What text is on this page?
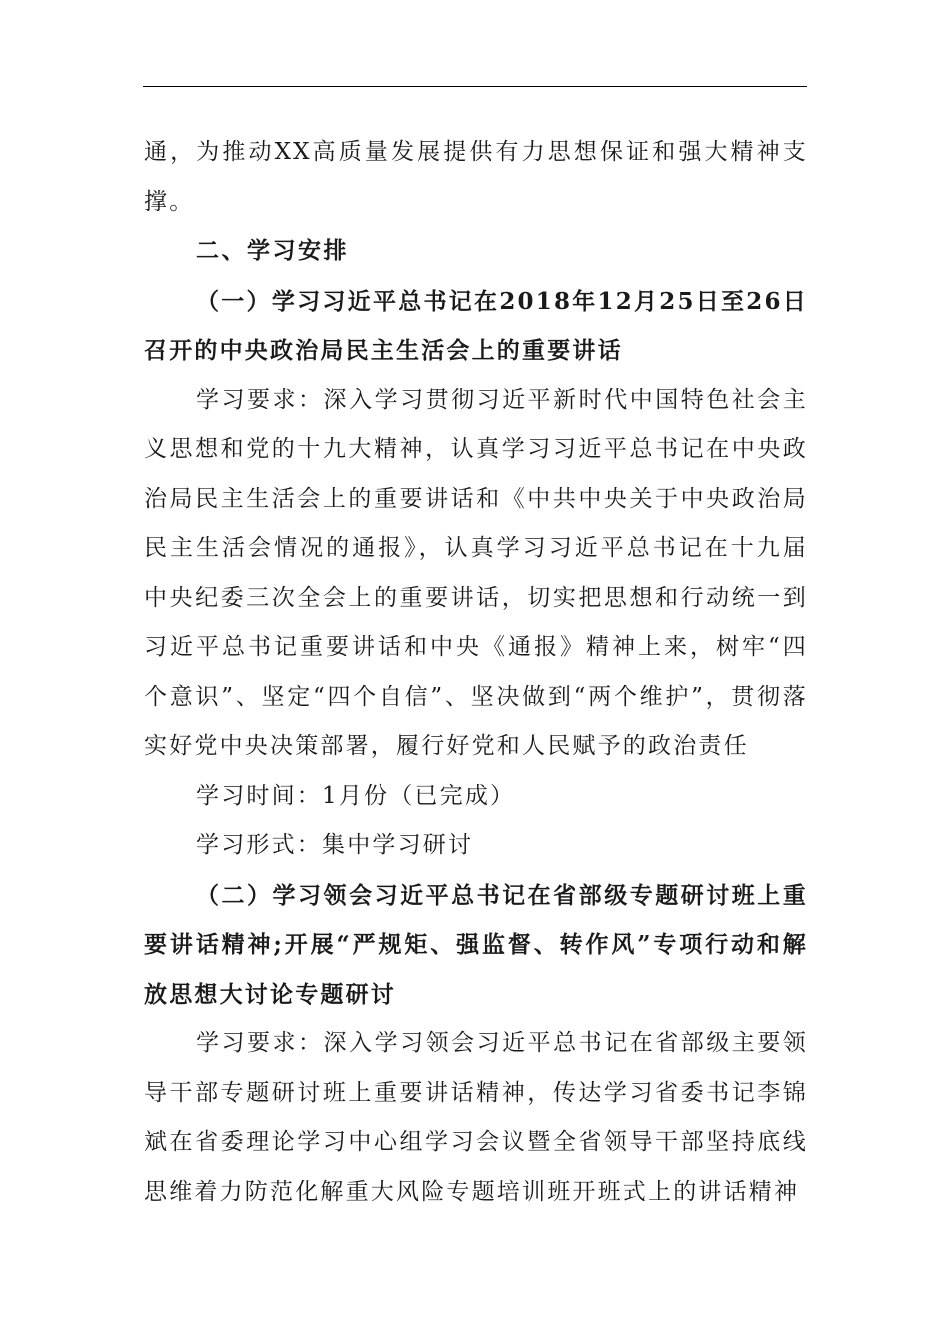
通，为推动XX高质量发展提供有力思想保证和强大精神支撑。

二、学习安排

（一）学习习近平总书记在2018年12月25日至26日召开的中央政治局民主生活会上的重要讲话

学习要求：深入学习贯彻习近平新时代中国特色社会主义思想和党的十九大精神，认真学习习近平总书记在中央政治局民主生活会上的重要讲话和《中共中央关于中央政治局民主生活会情况的通报》，认真学习习近平总书记在十九届中央纪委三次全会上的重要讲话，切实把思想和行动统一到习近平总书记重要讲话和中央《通报》精神上来，树牢“四个意识”、坚定“四个自信”、坚决做到“两个维护”，贯彻落实好党中央决策部署，履行好党和人民赋予的政治责任

学习时间：1月份（已完成）

学习形式：集中学习研讨

（二）学习领会习近平总书记在省部级专题研讨班上重要讲话精神;开展“严规矩、强监督、转作风”专项行动和解放思想大讨论专题研讨

学习要求：深入学习领会习近平总书记在省部级主要领导干部专题研讨班上重要讲话精神，传达学习省委书记李锦斌在省委理论学习中心组学习会议暨全省领导干部坚持底线思维着力防范化解重大风险专题培训班开班式上的讲话精神
